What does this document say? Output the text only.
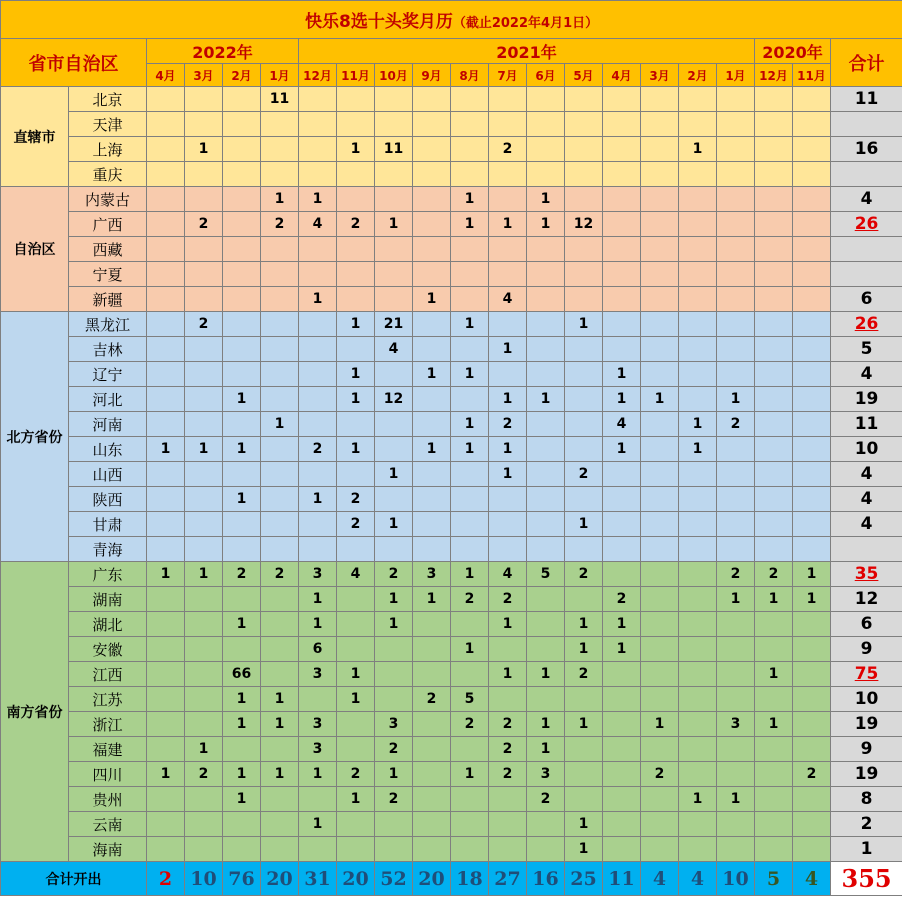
快乐8选十头奖月历（截止2022年4月1日）																				
省市自治区		2022年				2021年												2020年		合计
		4月	3月	2月	1月	12月	11月	10月	9月	8月	7月	6月	5月	4月	3月	2月	1月	12月	11月	
直辖市	北京				11															11
	天津																			
	上海		1				1	11			2					1				16
	重庆																			
自治区	内蒙古				1	1				1		1								4
	广西		2		2	4	2	1		1	1	1	12							26
	西藏																			
	宁夏																			
	新疆					1			1		4									6
北方省份	黑龙江		2				1	21		1			1							26
	吉林							4			1									5
	辽宁						1		1	1				1						4
	河北			1			1	12			1	1		1	1		1			19
	河南				1					1	2			4		1	2			11
	山东	1	1	1		2	1		1	1	1			1		1				10
	山西							1			1		2							4
	陕西			1		1	2													4
	甘肃						2	1					1							4
	青海																			
南方省份	广东	1	1	2	2	3	4	2	3	1	4	5	2				2	2	1	35
	湖南					1		1	1	2	2			2			1	1	1	12
	湖北			1		1		1			1		1	1						6
	安徽					6				1			1	1						9
	江西			66		3	1				1	1	2					1		75
	江苏			1	1		1		2	5										10
	浙江			1	1	3		3		2	2	1	1		1		3	1		19
	福建		1			3		2			2	1								9
	四川	1	2	1	1	1	2	1		1	2	3			2				2	19
	贵州			1			1	2				2				1	1			8
	云南					1							1							2
	海南												1							1
合计开出		2	10	76	20	31	20	52	20	18	27	16	25	11	4	4	10	5	4	355
